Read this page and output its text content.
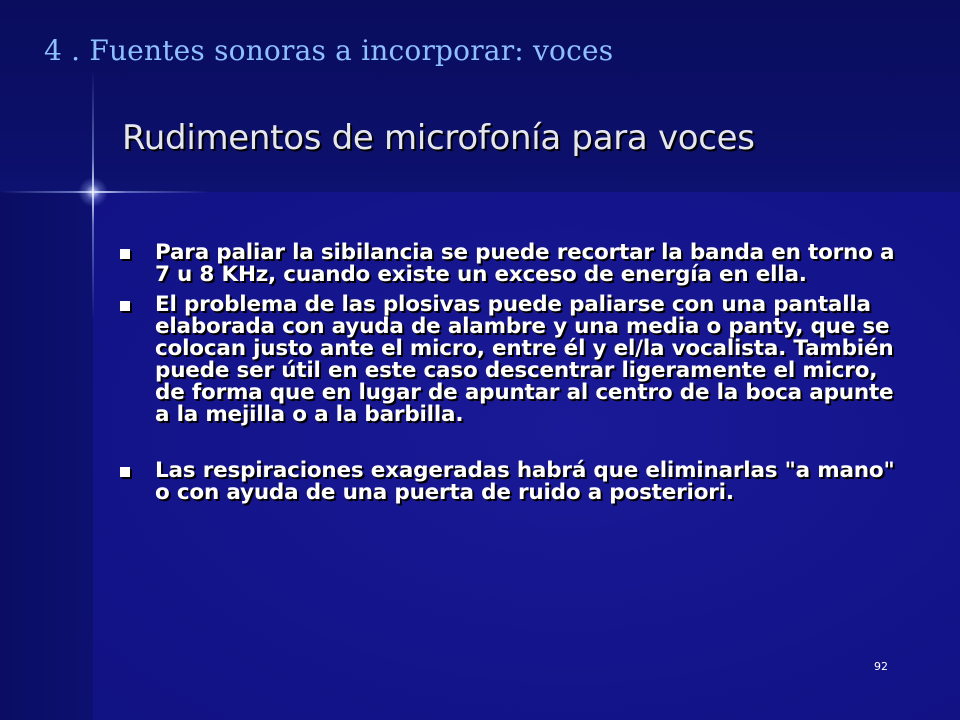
4 . Fuentes sonoras a incorporar: voces
Rudimentos de microfonía para voces
Para paliar la sibilancia se puede recortar la banda en torno a 7 u 8 KHz, cuando existe un exceso de energía en ella.
El problema de las plosivas puede paliarse con una pantalla elaborada con ayuda de alambre y una media o panty, que se colocan justo ante el micro, entre él y el/la vocalista. También puede ser útil en este caso descentrar ligeramente el micro, de forma que en lugar de apuntar al centro de la boca apunte a la mejilla o a la barbilla.
Las respiraciones exageradas habrá que eliminarlas "a mano" o con ayuda de una puerta de ruido a posteriori.

92
